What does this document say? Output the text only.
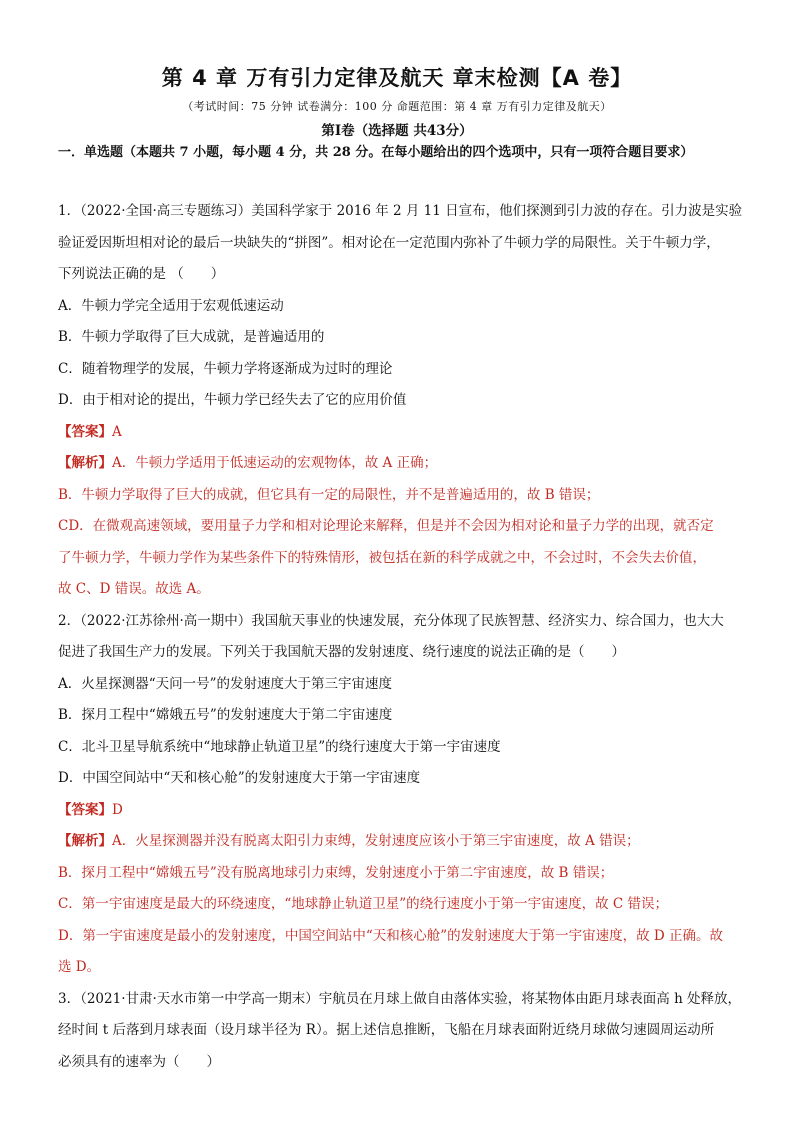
第 4 章 万有引力定律及航天 章末检测【A 卷】
（考试时间：75 分钟 试卷满分：100 分 命题范围：第 4 章 万有引力定律及航天）
第Ⅰ卷（选择题 共43分）
一．单选题（本题共 7 小题，每小题 4 分，共 28 分。在每小题给出的四个选项中，只有一项符合题目要求）

1．（2022·全国·高三专题练习）美国科学家于 2016 年 2 月 11 日宣布，他们探测到引力波的存在。引力波是实验

验证爱因斯坦相对论的最后一块缺失的“拼图”。相对论在一定范围内弥补了牛顿力学的局限性。关于牛顿力学，

下列说法正确的是 （　　）

A．牛顿力学完全适用于宏观低速运动

B．牛顿力学取得了巨大成就，是普遍适用的

C．随着物理学的发展，牛顿力学将逐渐成为过时的理论

D．由于相对论的提出，牛顿力学已经失去了它的应用价值

【答案】A

【解析】A．牛顿力学适用于低速运动的宏观物体，故 A 正确；

B．牛顿力学取得了巨大的成就，但它具有一定的局限性，并不是普遍适用的，故 B 错误；

CD．在微观高速领域，要用量子力学和相对论理论来解释，但是并不会因为相对论和量子力学的出现，就否定

了牛顿力学，牛顿力学作为某些条件下的特殊情形，被包括在新的科学成就之中，不会过时，不会失去价值，

故 C、D 错误。故选 A。

2．（2022·江苏徐州·高一期中）我国航天事业的快速发展，充分体现了民族智慧、经济实力、综合国力，也大大

促进了我国生产力的发展。下列关于我国航天器的发射速度、绕行速度的说法正确的是（　　）

A．火星探测器“天问一号”的发射速度大于第三宇宙速度

B．探月工程中“嫦娥五号”的发射速度大于第二宇宙速度

C．北斗卫星导航系统中“地球静止轨道卫星”的绕行速度大于第一宇宙速度

D．中国空间站中“天和核心舱”的发射速度大于第一宇宙速度

【答案】D

【解析】A．火星探测器并没有脱离太阳引力束缚，发射速度应该小于第三宇宙速度，故 A 错误；

B．探月工程中“嫦娥五号”没有脱离地球引力束缚，发射速度小于第二宇宙速度，故 B 错误；

C．第一宇宙速度是最大的环绕速度，“地球静止轨道卫星”的绕行速度小于第一宇宙速度，故 C 错误；

D．第一宇宙速度是最小的发射速度，中国空间站中“天和核心舱”的发射速度大于第一宇宙速度，故 D 正确。故

选 D。

3．（2021·甘肃·天水市第一中学高一期末）宇航员在月球上做自由落体实验，将某物体由距月球表面高 h 处释放，

经时间 t 后落到月球表面（设月球半径为 R）。据上述信息推断，飞船在月球表面附近绕月球做匀速圆周运动所

必须具有的速率为（　　）
